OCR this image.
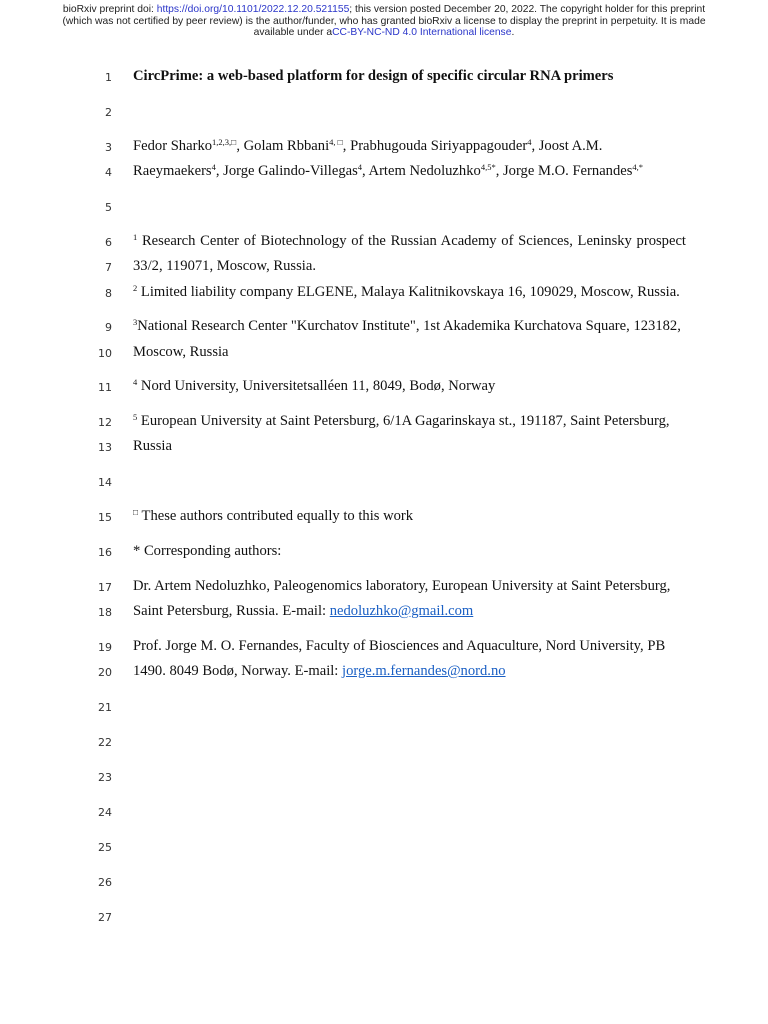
bioRxiv preprint doi: https://doi.org/10.1101/2022.12.20.521155; this version posted December 20, 2022. The copyright holder for this preprint
(which was not certified by peer review) is the author/funder, who has granted bioRxiv a license to display the preprint in perpetuity. It is made
available under aCC-BY-NC-ND 4.0 International license.
1
2
3
4
5
6
7
8
9
10
11
12
13
14
15
16
17
18
19
20
21
22
23
24
25
26
27
CircPrime: a web-based platform for design of specific circular RNA primers
Fedor Sharko$^{1,2,3,□}$, Golam Rbbani$^{4, □}$, Prabhugouda Siriyappagouder$^4$, Joost A.M.
Raeymaekers$^4$, Jorge Galindo-Villegas$^4$, Artem Nedoluzhko$^{4,5*}$, Jorge M.O. Fernandes$^{4,*}$
$^1$ Research Center of Biotechnology of the Russian Academy of Sciences, Leninsky prospect
33/2, 119071, Moscow, Russia.
$^2$ Limited liability company ELGENE, Malaya Kalitnikovskaya 16, 109029, Moscow, Russia.
$^3$National Research Center "Kurchatov Institute", 1st Akademika Kurchatova Square, 123182,
Moscow, Russia
$^4$ Nord University, Universitetsalléen 11, 8049, Bodø, Norway
$^5$ European University at Saint Petersburg, 6/1A Gagarinskaya st., 191187, Saint Petersburg,
Russia
□ These authors contributed equally to this work
* Corresponding authors:
Dr. Artem Nedoluzhko, Paleogenomics laboratory, European University at Saint Petersburg,
Saint Petersburg, Russia. E-mail: nedoluzhko@gmail.com
Prof. Jorge M. O. Fernandes, Faculty of Biosciences and Aquaculture, Nord University, PB
1490. 8049 Bodø, Norway. E-mail: jorge.m.fernandes@nord.no
